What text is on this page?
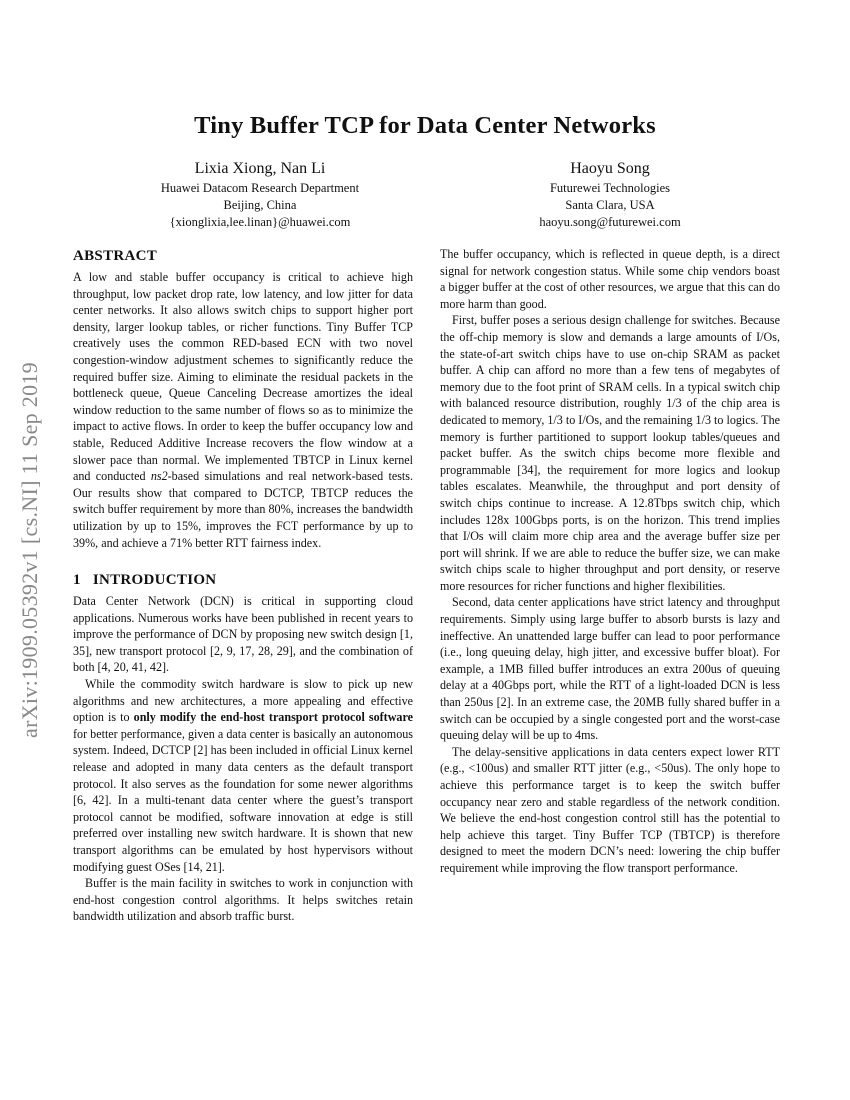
arXiv:1909.05392v1 [cs.NI] 11 Sep 2019
Tiny Buffer TCP for Data Center Networks
Lixia Xiong, Nan Li
Huawei Datacom Research Department
Beijing, China
{xionglixia,lee.linan}@huawei.com
Haoyu Song
Futurewei Technologies
Santa Clara, USA
haoyu.song@futurewei.com
ABSTRACT

A low and stable buffer occupancy is critical to achieve high throughput, low packet drop rate, low latency, and low jitter for data center networks. It also allows switch chips to support higher port density, larger lookup tables, or richer functions. Tiny Buffer TCP creatively uses the common RED-based ECN with two novel congestion-window adjustment schemes to significantly reduce the required buffer size. Aiming to eliminate the residual packets in the bottleneck queue, Queue Canceling Decrease amortizes the ideal window reduction to the same number of flows so as to minimize the impact to active flows. In order to keep the buffer occupancy low and stable, Reduced Additive Increase recovers the flow window at a slower pace than normal. We implemented TBTCP in Linux kernel and conducted ns2-based simulations and real network-based tests. Our results show that compared to DCTCP, TBTCP reduces the switch buffer requirement by more than 80%, increases the bandwidth utilization by up to 15%, improves the FCT performance by up to 39%, and achieve a 71% better RTT fairness index.

1 INTRODUCTION

Data Center Network (DCN) is critical in supporting cloud applications. Numerous works have been published in recent years to improve the performance of DCN by proposing new switch design [1, 35], new transport protocol [2, 9, 17, 28, 29], and the combination of both [4, 20, 41, 42].

While the commodity switch hardware is slow to pick up new algorithms and new architectures, a more appealing and effective option is to only modify the end-host transport protocol software for better performance, given a data center is basically an autonomous system. Indeed, DCTCP [2] has been included in official Linux kernel release and adopted in many data centers as the default transport protocol. It also serves as the foundation for some newer algorithms [6, 42]. In a multi-tenant data center where the guest’s transport protocol cannot be modified, software innovation at edge is still preferred over installing new switch hardware. It is shown that new transport algorithms can be emulated by host hypervisors without modifying guest OSes [14, 21].

Buffer is the main facility in switches to work in conjunction with end-host congestion control algorithms. It helps switches retain bandwidth utilization and absorb traffic burst.

The buffer occupancy, which is reflected in queue depth, is a direct signal for network congestion status. While some chip vendors boast a bigger buffer at the cost of other resources, we argue that this can do more harm than good.

First, buffer poses a serious design challenge for switches. Because the off-chip memory is slow and demands a large amounts of I/Os, the state-of-art switch chips have to use on-chip SRAM as packet buffer. A chip can afford no more than a few tens of megabytes of memory due to the foot print of SRAM cells. In a typical switch chip with balanced resource distribution, roughly 1/3 of the chip area is dedicated to memory, 1/3 to I/Os, and the remaining 1/3 to logics. The memory is further partitioned to support lookup tables/queues and packet buffer. As the switch chips become more flexible and programmable [34], the requirement for more logics and lookup tables escalates. Meanwhile, the throughput and port density of switch chips continue to increase. A 12.8Tbps switch chip, which includes 128x 100Gbps ports, is on the horizon. This trend implies that I/Os will claim more chip area and the average buffer size per port will shrink. If we are able to reduce the buffer size, we can make switch chips scale to higher throughput and port density, or reserve more resources for richer functions and higher flexibilities.

Second, data center applications have strict latency and throughput requirements. Simply using large buffer to absorb bursts is lazy and ineffective. An unattended large buffer can lead to poor performance (i.e., long queuing delay, high jitter, and excessive buffer bloat). For example, a 1MB filled buffer introduces an extra 200us of queuing delay at a 40Gbps port, while the RTT of a light-loaded DCN is less than 250us [2]. In an extreme case, the 20MB fully shared buffer in a switch can be occupied by a single congested port and the worst-case queuing delay will be up to 4ms.

The delay-sensitive applications in data centers expect lower RTT (e.g., <100us) and smaller RTT jitter (e.g., <50us). The only hope to achieve this performance target is to keep the switch buffer occupancy near zero and stable regardless of the network condition. We believe the end-host congestion control still has the potential to help achieve this target. Tiny Buffer TCP (TBTCP) is therefore designed to meet the modern DCN’s need: lowering the chip buffer requirement while improving the flow transport performance.
